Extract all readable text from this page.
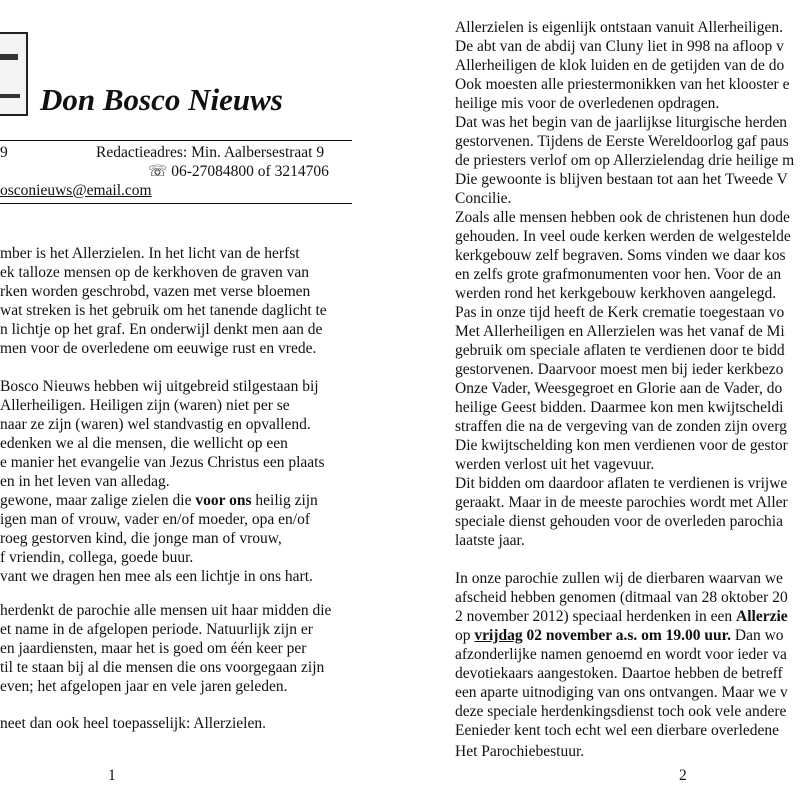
Don Bosco Nieuws
9	Redactieadres: Min. Aalbersestraat 9
☏ 06-27084800 of 3214706
osconieuws@email.com
mber is het Allerzielen. In het licht van de herfst
ek talloze mensen op de kerkhoven de graven van
rken worden geschrobd, vazen met verse bloemen
wat streken is het gebruik om het tanende daglicht te
n lichtje op het graf. En onderwijl denkt men aan de
men voor de overledene om eeuwige rust en vrede.
Bosco Nieuws hebben wij uitgebreid stilgestaan bij
Allerheiligen. Heiligen zijn (waren) niet per se
naar ze zijn (waren) wel standvastig en opvallend.
edenken we al die mensen, die wellicht op een
e manier het evangelie van Jezus Christus een plaats
en in het leven van alledag.
gewone, maar zalige zielen die voor ons heilig zijn
igen man of vrouw, vader en/of moeder, opa en/of
roeg gestorven kind, die jonge man of vrouw,
f vriendin, collega, goede buur.
vant we dragen hen mee als een lichtje in ons hart.
herdenkt de parochie alle mensen uit haar midden die
et name in de afgelopen periode. Natuurlijk zijn er
en jaardiensten, maar het is goed om één keer per
til te staan bij al die mensen die ons voorgegaan zijn
even; het afgelopen jaar en vele jaren geleden.
neet dan ook heel toepasselijk: Allerzielen.
1
Allerzielen is eigenlijk ontstaan vanuit Allerheiligen.
De abt van de abdij van Cluny liet in 998 na afloop v
Allerheiligen de klok luiden en de getijden van de do
Ook moesten alle priestermonikken van het klooster e
heilige mis voor de overledenen opdragen.
Dat was het begin van de jaarlijkse liturgische herden
gestorvenen. Tijdens de Eerste Wereldoorlog gaf paus
de priesters verlof om op Allerzielendag drie heilige m
Die gewoonte is blijven bestaan tot aan het Tweede V
Concilie.
Zoals alle mensen hebben ook de christenen hun dode
gehouden. In veel oude kerken werden de welgestelde
kerkgebouw zelf begraven. Soms vinden we daar kos
en zelfs grote grafmonumenten voor hen. Voor de an
werden rond het kerkgebouw kerkhoven aangelegd.
Pas in onze tijd heeft de Kerk crematie toegestaan vo
Met Allerheiligen en Allerzielen was het vanaf de Mi
gebruik om speciale aflaten te verdienen door te bidd
gestorvenen. Daarvoor moest men bij ieder kerkbezo
Onze Vader, Weesgegroet en Glorie aan de Vader, do
heilige Geest bidden. Daarmee kon men kwijtscheldi
straffen die na de vergeving van de zonden zijn overg
Die kwijtschelding kon men verdienen voor de gestor
werden verlost uit het vagevuur.
Dit bidden om daardoor aflaten te verdienen is vrijwe
geraakt. Maar in de meeste parochies wordt met Aller
speciale dienst gehouden voor de overleden parochia
laatste jaar.
In onze parochie zullen wij de dierbaren waarvan we
afscheid hebben genomen (ditmaal van 28 oktober 20
2 november 2012) speciaal herdenken in een Allerzie
op vrijdag 02 november a.s. om 19.00 uur. Dan wo
afzonderlijke namen genoemd en wordt voor ieder va
devotiekaars aangestoken. Daartoe hebben de betreff
een aparte uitnodiging van ons ontvangen. Maar we v
deze speciale herdenkingsdienst toch ook vele andere
Eenieder kent toch echt wel een dierbare overledene
Het Parochiebestuur.
2
